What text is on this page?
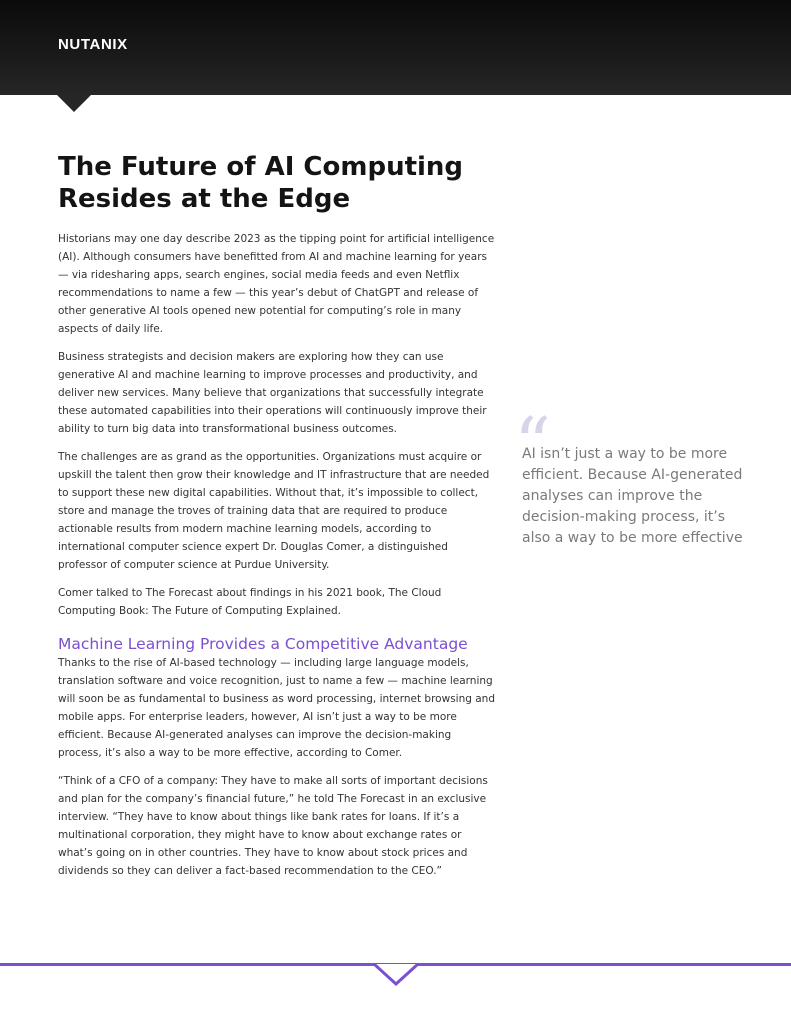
NUTANIX
The Future of AI Computing Resides at the Edge

Historians may one day describe 2023 as the tipping point for artificial intelligence (AI). Although consumers have benefitted from AI and machine learning for years — via ridesharing apps, search engines, social media feeds and even Netflix recommendations to name a few — this year’s debut of ChatGPT and release of other generative AI tools opened new potential for computing’s role in many aspects of daily life.

Business strategists and decision makers are exploring how they can use generative AI and machine learning to improve processes and productivity, and deliver new services. Many believe that organizations that successfully integrate these automated capabilities into their operations will continuously improve their ability to turn big data into transformational business outcomes.

The challenges are as grand as the opportunities. Organizations must acquire or upskill the talent then grow their knowledge and IT infrastructure that are needed to support these new digital capabilities. Without that, it’s impossible to collect, store and manage the troves of training data that are required to produce actionable results from modern machine learning models, according to international computer science expert Dr. Douglas Comer, a distinguished professor of computer science at Purdue University.

Comer talked to The Forecast about findings in his 2021 book, The Cloud Computing Book: The Future of Computing Explained.

Machine Learning Provides a Competitive Advantage

Thanks to the rise of AI-based technology — including large language models, translation software and voice recognition, just to name a few — machine learning will soon be as fundamental to business as word processing, internet browsing and mobile apps. For enterprise leaders, however, AI isn’t just a way to be more efficient. Because AI-generated analyses can improve the decision-making process, it’s also a way to be more effective, according to Comer.

“Think of a CFO of a company: They have to make all sorts of important decisions and plan for the company’s financial future,” he told The Forecast in an exclusive interview. “They have to know about things like bank rates for loans. If it’s a multinational corporation, they might have to know about exchange rates or what’s going on in other countries. They have to know about stock prices and dividends so they can deliver a fact-based recommendation to the CEO.”

“

AI isn’t just a way to be more efficient. Because AI-generated analyses can improve the decision-making process, it’s also a way to be more effective
